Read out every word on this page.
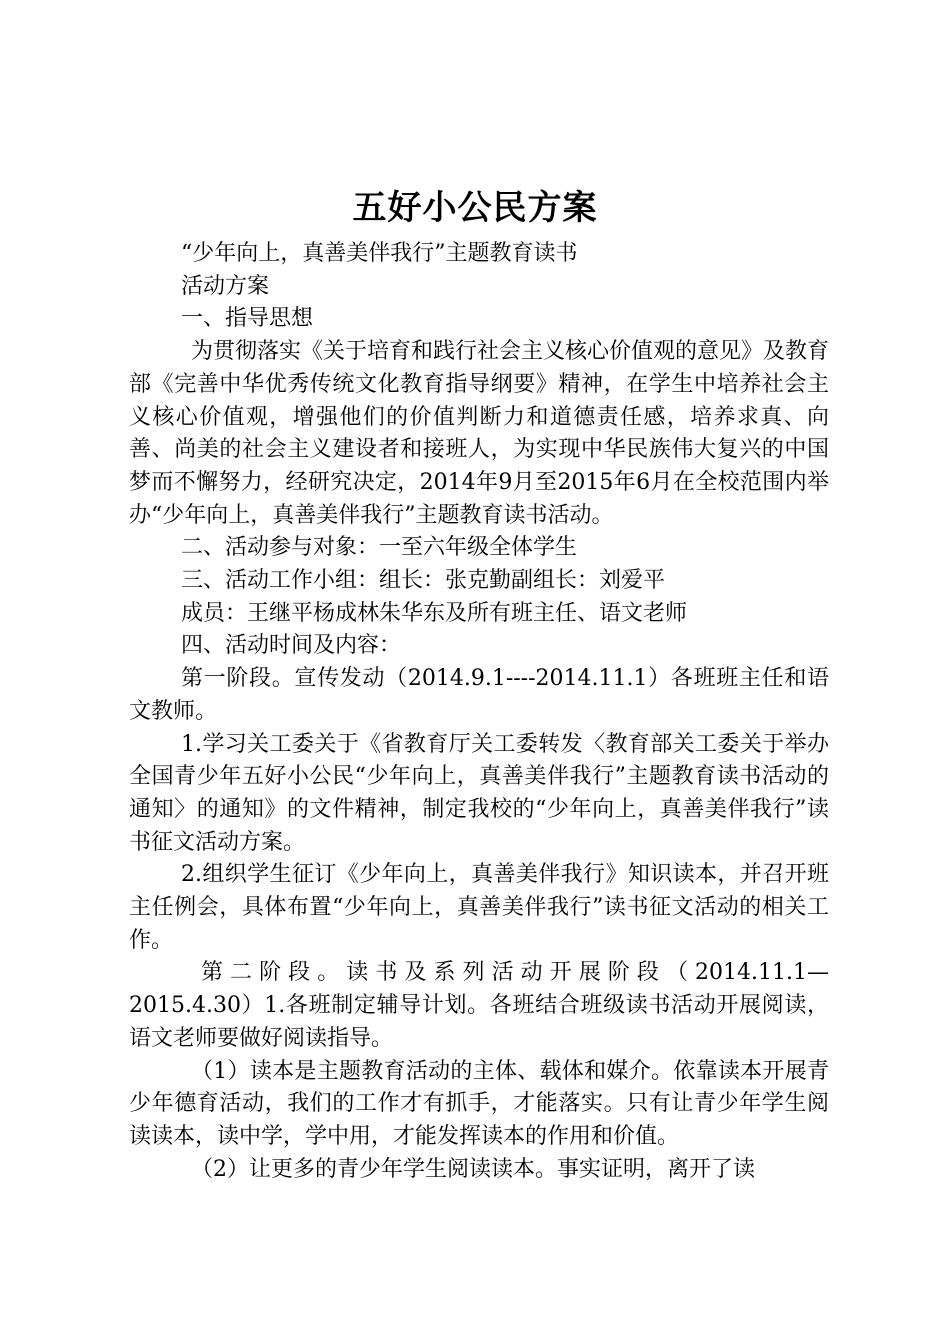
五好小公民方案

“少年向上，真善美伴我行”主题教育读书

活动方案

一、指导思想

为贯彻落实《关于培育和践行社会主义核心价值观的意见》及教育部《完善中华优秀传统文化教育指导纲要》精神，在学生中培养社会主义核心价值观，增强他们的价值判断力和道德责任感，培养求真、向善、尚美的社会主义建设者和接班人，为实现中华民族伟大复兴的中国梦而不懈努力，经研究决定，2014年9月至2015年6月在全校范围内举办“少年向上，真善美伴我行”主题教育读书活动。

二、活动参与对象：一至六年级全体学生

三、活动工作小组：组长：张克勤副组长：刘爱平

成员：王继平杨成林朱华东及所有班主任、语文老师

四、活动时间及内容：

第一阶段。宣传发动（2014.9.1----2014.11.1）各班班主任和语文教师。

1.学习关工委关于《省教育厅关工委转发〈教育部关工委关于举办全国青少年五好小公民“少年向上，真善美伴我行”主题教育读书活动的通知〉的通知》的文件精神，制定我校的“少年向上，真善美伴我行”读书征文活动方案。

2.组织学生征订《少年向上，真善美伴我行》知识读本，并召开班主任例会，具体布置“少年向上，真善美伴我行”读书征文活动的相关工作。

第二阶段。读书及系列活动开展阶段（2014.11.1—2015.4.30）1.各班制定辅导计划。各班结合班级读书活动开展阅读，语文老师要做好阅读指导。

（1）读本是主题教育活动的主体、载体和媒介。依靠读本开展青少年德育活动，我们的工作才有抓手，才能落实。只有让青少年学生阅读读本，读中学，学中用，才能发挥读本的作用和价值。

（2）让更多的青少年学生阅读读本。事实证明，离开了读
